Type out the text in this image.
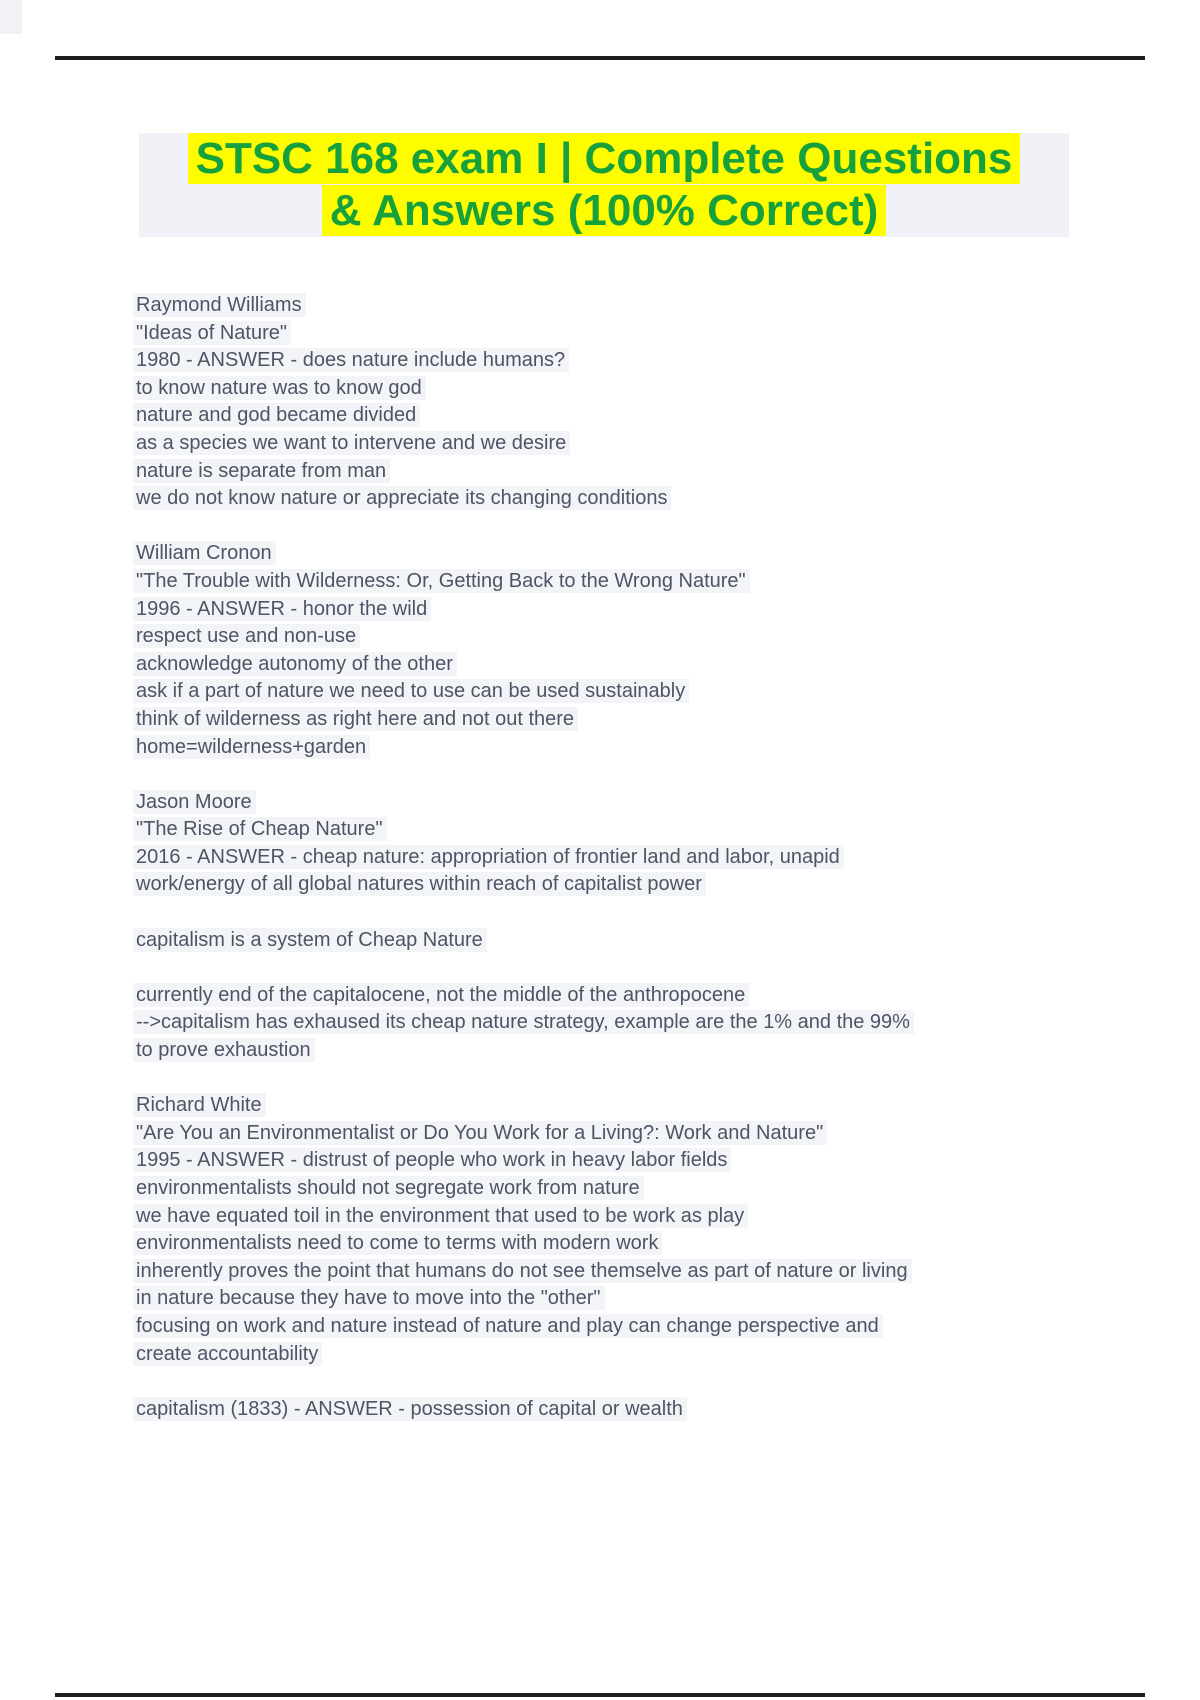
STSC 168 exam I | Complete Questions
& Answers (100% Correct)

Raymond Williams
"Ideas of Nature"
1980 - ANSWER - does nature include humans?
to know nature was to know god
nature and god became divided
as a species we want to intervene and we desire
nature is separate from man
we do not know nature or appreciate its changing conditions

William Cronon
"The Trouble with Wilderness: Or, Getting Back to the Wrong Nature"
1996 - ANSWER - honor the wild
respect use and non-use
acknowledge autonomy of the other
ask if a part of nature we need to use can be used sustainably
think of wilderness as right here and not out there
home=wilderness+garden

Jason Moore
"The Rise of Cheap Nature"
2016 - ANSWER - cheap nature: appropriation of frontier land and labor, unapid
work/energy of all global natures within reach of capitalist power

capitalism is a system of Cheap Nature

currently end of the capitalocene, not the middle of the anthropocene
-->capitalism has exhaused its cheap nature strategy, example are the 1% and the 99%
to prove exhaustion

Richard White
"Are You an Environmentalist or Do You Work for a Living?: Work and Nature"
1995 - ANSWER - distrust of people who work in heavy labor fields
environmentalists should not segregate work from nature
we have equated toil in the environment that used to be work as play
environmentalists need to come to terms with modern work
inherently proves the point that humans do not see themselve as part of nature or living
in nature because they have to move into the "other"
focusing on work and nature instead of nature and play can change perspective and
create accountability

capitalism (1833) - ANSWER - possession of capital or wealth
